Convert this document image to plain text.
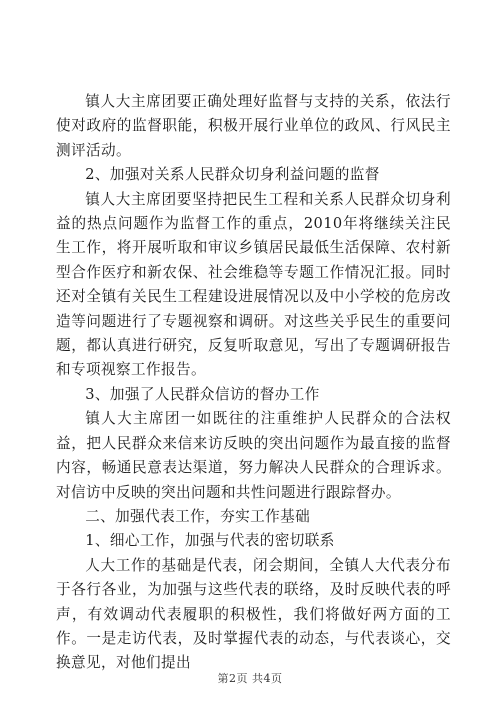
镇人大主席团要正确处理好监督与支持的关系，依法行使对政府的监督职能，积极开展行业单位的政风、行风民主测评活动。

2、加强对关系人民群众切身利益问题的监督

镇人大主席团要坚持把民生工程和关系人民群众切身利益的热点问题作为监督工作的重点，2010年将继续关注民生工作，将开展听取和审议乡镇居民最低生活保障、农村新型合作医疗和新农保、社会维稳等专题工作情况汇报。同时还对全镇有关民生工程建设进展情况以及中小学校的危房改造等问题进行了专题视察和调研。对这些关乎民生的重要问题，都认真进行研究，反复听取意见，写出了专题调研报告和专项视察工作报告。

3、加强了人民群众信访的督办工作

镇人大主席团一如既往的注重维护人民群众的合法权益，把人民群众来信来访反映的突出问题作为最直接的监督内容，畅通民意表达渠道，努力解决人民群众的合理诉求。对信访中反映的突出问题和共性问题进行跟踪督办。

二、加强代表工作，夯实工作基础

1、细心工作，加强与代表的密切联系

人大工作的基础是代表，闭会期间，全镇人大代表分布于各行各业，为加强与这些代表的联络，及时反映代表的呼声，有效调动代表履职的积极性，我们将做好两方面的工作。一是走访代表，及时掌握代表的动态，与代表谈心，交换意见，对他们提出

第2页 共4页
